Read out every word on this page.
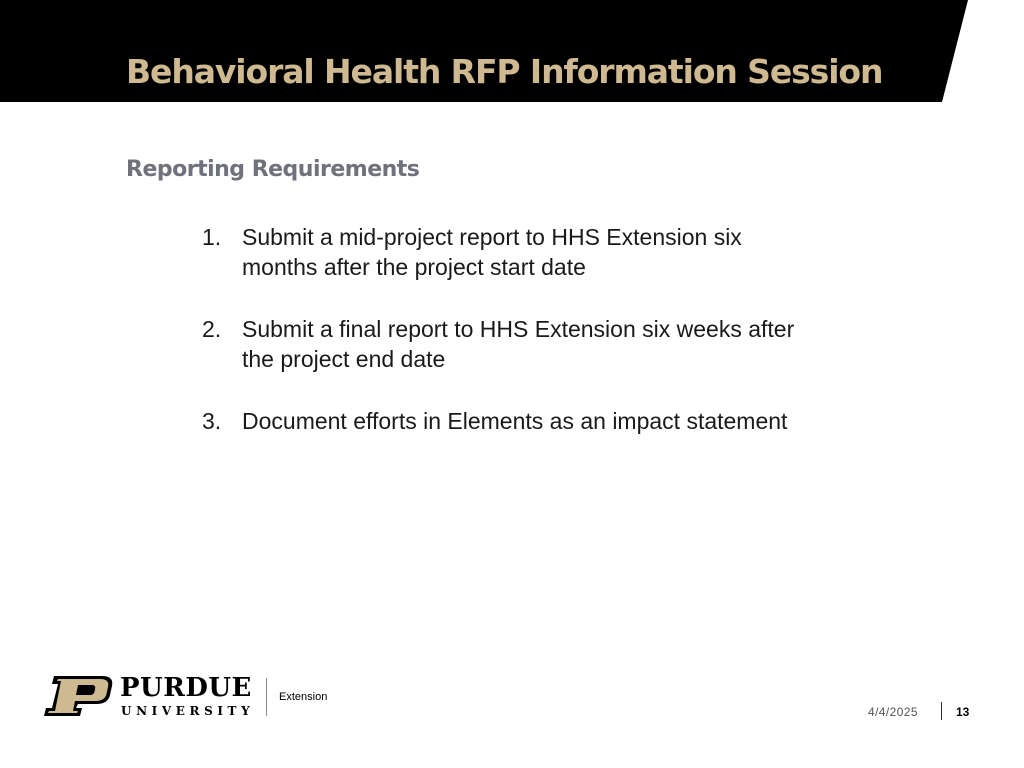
Behavioral Health RFP Information Session
Reporting Requirements
1. Submit a mid-project report to HHS Extension six months after the project start date
2. Submit a final report to HHS Extension six weeks after the project end date
3. Document efforts in Elements as an impact statement
PURDUE
UNIVERSITY
Extension
4/4/2025	13
